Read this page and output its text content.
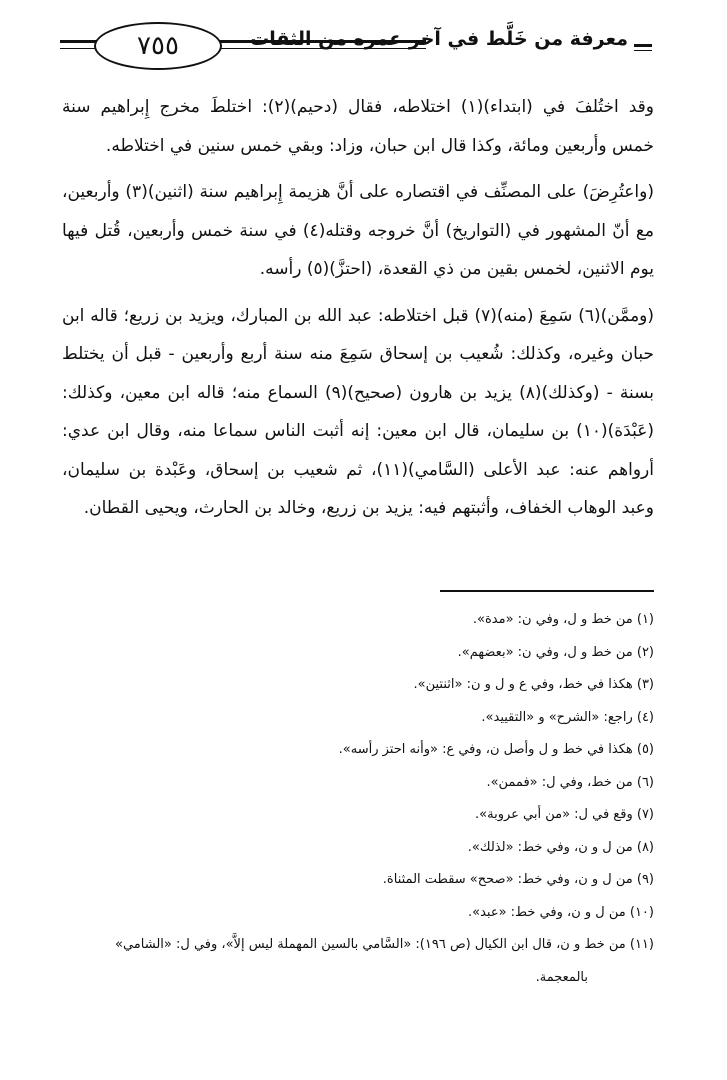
٧٥٥	معرفة من خَلَّط في آخر عمره من الثقات

وقد اختُلفَ في (ابتداء)(١) اختلاطه، فقال (دحيم)(٢): اختلطَ مخرج إِبراهيم سنة خمس وأربعين ومائة، وكذا قال ابن حبان، وزاد: وبقي خمس سنين في اختلاطه.

(واعتُرِضَ) على المصنِّف في اقتصاره على أنَّ هزيمة إِبراهيم سنة (اثنين)(٣) وأربعين، مع أنّ المشهور في (التواريخ) أنَّ خروجه وقتله(٤) في سنة خمس وأربعين، قُتل فيها يوم الاثنين، لخمس بقين من ذي القعدة، (احتزَّ)(٥) رأسه.

(وممَّن)(٦) سَمِعَ (منه)(٧) قبل اختلاطه: عبد الله بن المبارك، ويزيد بن زريع؛ قاله ابن حبان وغيره، وكذلك: شُعيب بن إسحاق سَمِعَ منه سنة أربع وأربعين - قبل أن يختلط بسنة - (وكذلك)(٨) يزيد بن هارون (صحيح)(٩) السماع منه؛ قاله ابن معين، وكذلك: (عَبْدَة)(١٠) بن سليمان، قال ابن معين: إنه أثبت الناس سماعا منه، وقال ابن عدي: أرواهم عنه: عبد الأعلى (السَّامي)(١١)، ثم شعيب بن إسحاق، وعَبْدة بن سليمان، وعبد الوهاب الخفاف، وأثبتهم فيه: يزيد بن زريع، وخالد بن الحارث، ويحيى القطان.

(١) من خط و ل، وفي ن: «مدة».
(٢) من خط و ل، وفي ن: «بعضهم».
(٣) هكذا في خط، وفي ع و ل و ن: «اثنتين».
(٤) راجع: «الشرح» و «التقييد».
(٥) هكذا في خط و ل وأصل ن، وفي ع: «وأنه احتز رأسه».
(٦) من خط، وفي ل: «فممن».
(٧) وقع في ل: «من أبي عروبة».
(٨) من ل و ن، وفي خط: «لذلك».
(٩) من ل و ن، وفي خط: «صحح» سقطت المثناة.
(١٠) من ل و ن، وفي خط: «عبد».
(١١) من خط و ن، قال ابن الكيال (ص ١٩٦): «السَّامي بالسين المهملة ليس إلاَّ»، وفي ل: «الشامي»
بالمعجمة.
